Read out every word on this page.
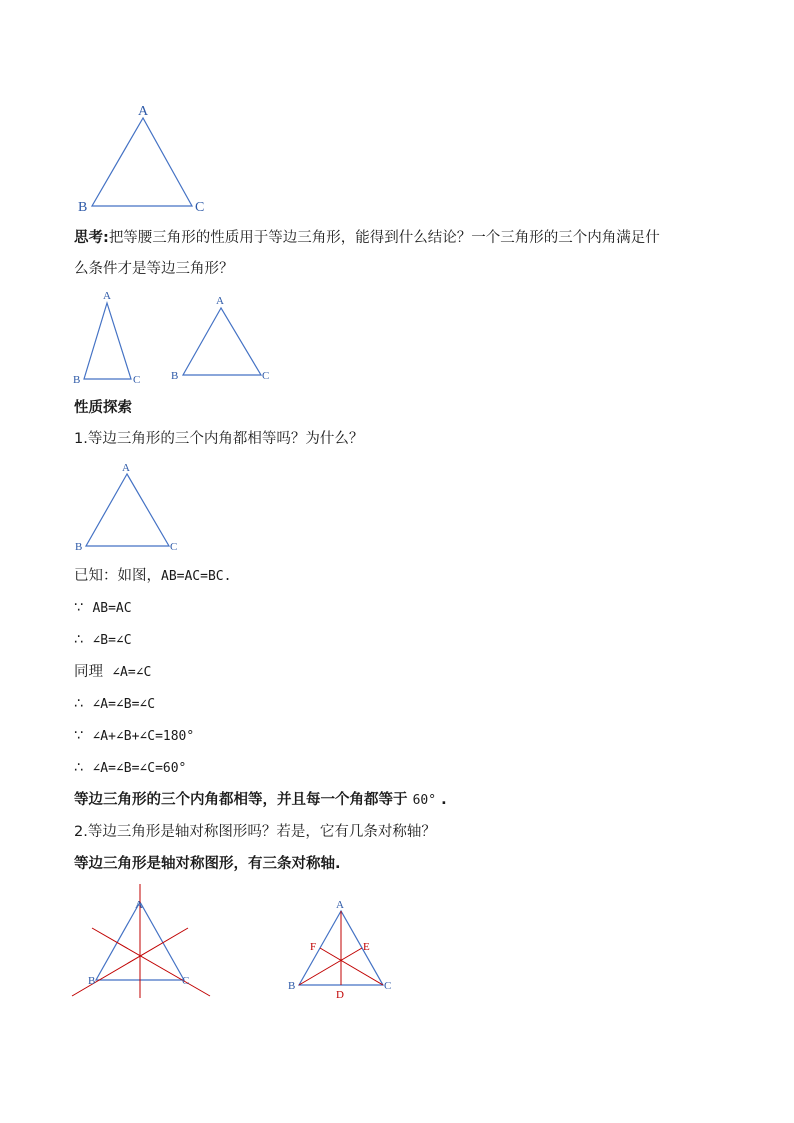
A
B	C
思考:把等腰三角形的性质用于等边三角形，能得到什么结论？一个三角形的三个内角满足什
么条件才是等边三角形？
A
B	C
A
B	C
性质探索
1.等边三角形的三个内角都相等吗？为什么？
A
B	C
已知：如图，AB=AC=BC.
∵ AB=AC
∴ ∠B=∠C
同理 ∠A=∠C
∴ ∠A=∠B=∠C
∵ ∠A+∠B+∠C=180°
∴ ∠A=∠B=∠C=60°
等边三角形的三个内角都相等，并且每一个角都等于 60° .
2.等边三角形是轴对称图形吗？若是，它有几条对称轴？
等边三角形是轴对称图形，有三条对称轴.
A
B	C
A
B	C
D
E
F
